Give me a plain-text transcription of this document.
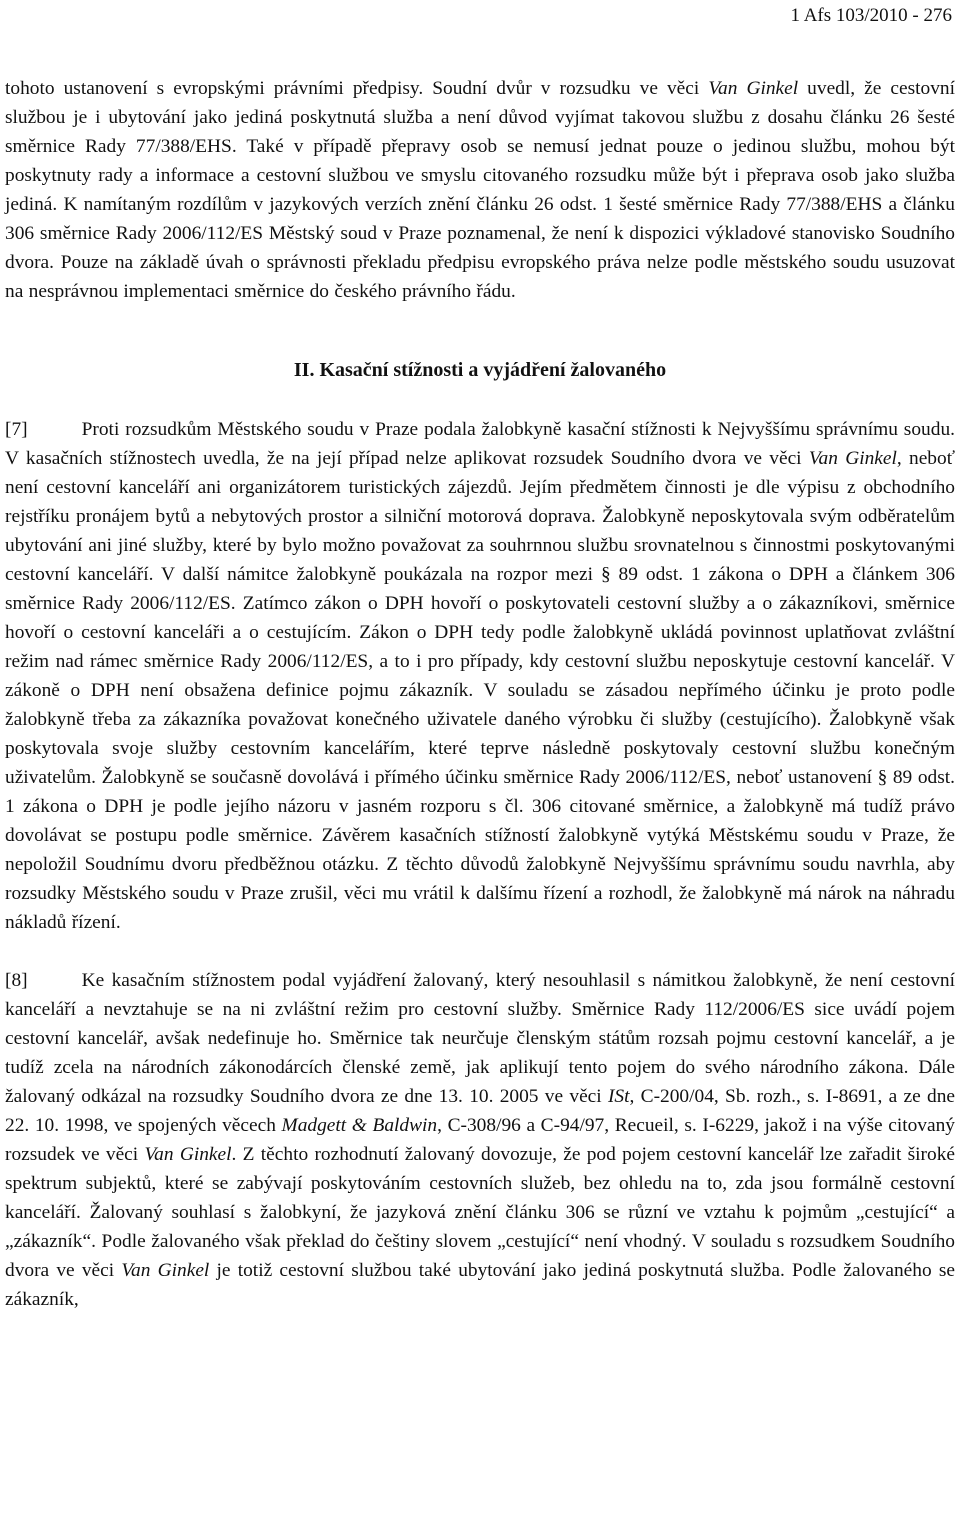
1 Afs 103/2010 - 276

tohoto ustanovení s evropskými právními předpisy. Soudní dvůr v rozsudku ve věci Van Ginkel uvedl, že cestovní službou je i ubytování jako jediná poskytnutá služba a není důvod vyjímat takovou službu z dosahu článku 26 šesté směrnice Rady 77/388/EHS. Také v případě přepravy osob se nemusí jednat pouze o jedinou službu, mohou být poskytnuty rady a informace a cestovní službou ve smyslu citovaného rozsudku může být i přeprava osob jako služba jediná. K namítaným rozdílům v jazykových verzích znění článku 26 odst. 1 šesté směrnice Rady 77/388/EHS a článku 306 směrnice Rady 2006/112/ES Městský soud v Praze poznamenal, že není k dispozici výkladové stanovisko Soudního dvora. Pouze na základě úvah o správnosti překladu předpisu evropského práva nelze podle městského soudu usuzovat na nesprávnou implementaci směrnice do českého právního řádu.

II. Kasační stížnosti a vyjádření žalovaného

[7]	Proti rozsudkům Městského soudu v Praze podala žalobkyně kasační stížnosti k Nejvyššímu správnímu soudu. V kasačních stížnostech uvedla, že na její případ nelze aplikovat rozsudek Soudního dvora ve věci Van Ginkel, neboť není cestovní kanceláří ani organizátorem turistických zájezdů. Jejím předmětem činnosti je dle výpisu z obchodního rejstříku pronájem bytů a nebytových prostor a silniční motorová doprava. Žalobkyně neposkytovala svým odběratelům ubytování ani jiné služby, které by bylo možno považovat za souhrnnou službu srovnatelnou s činnostmi poskytovanými cestovní kanceláří. V další námitce žalobkyně poukázala na rozpor mezi § 89 odst. 1 zákona o DPH a článkem 306 směrnice Rady 2006/112/ES. Zatímco zákon o DPH hovoří o poskytovateli cestovní služby a o zákazníkovi, směrnice hovoří o cestovní kanceláři a o cestujícím. Zákon o DPH tedy podle žalobkyně ukládá povinnost uplatňovat zvláštní režim nad rámec směrnice Rady 2006/112/ES, a to i pro případy, kdy cestovní službu neposkytuje cestovní kancelář. V zákoně o DPH není obsažena definice pojmu zákazník. V souladu se zásadou nepřímého účinku je proto podle žalobkyně třeba za zákazníka považovat konečného uživatele daného výrobku či služby (cestujícího). Žalobkyně však poskytovala svoje služby cestovním kancelářím, které teprve následně poskytovaly cestovní službu konečným uživatelům. Žalobkyně se současně dovolává i přímého účinku směrnice Rady 2006/112/ES, neboť ustanovení § 89 odst. 1 zákona o DPH je podle jejího názoru v jasném rozporu s čl. 306 citované směrnice, a žalobkyně má tudíž právo dovolávat se postupu podle směrnice. Závěrem kasačních stížností žalobkyně vytýká Městskému soudu v Praze, že nepoložil Soudnímu dvoru předběžnou otázku. Z těchto důvodů žalobkyně Nejvyššímu správnímu soudu navrhla, aby rozsudky Městského soudu v Praze zrušil, věci mu vrátil k dalšímu řízení a rozhodl, že žalobkyně má nárok na náhradu nákladů řízení.

[8]	Ke kasačním stížnostem podal vyjádření žalovaný, který nesouhlasil s námitkou žalobkyně, že není cestovní kanceláří a nevztahuje se na ni zvláštní režim pro cestovní služby. Směrnice Rady 112/2006/ES sice uvádí pojem cestovní kancelář, avšak nedefinuje ho. Směrnice tak neurčuje členským státům rozsah pojmu cestovní kancelář, a je tudíž zcela na národních zákonodárcích členské země, jak aplikují tento pojem do svého národního zákona. Dále žalovaný odkázal na rozsudky Soudního dvora ze dne 13. 10. 2005 ve věci ISt, C-200/04, Sb. rozh., s. I-8691, a ze dne 22. 10. 1998, ve spojených věcech Madgett & Baldwin, C-308/96 a C-94/97, Recueil, s. I-6229, jakož i na výše citovaný rozsudek ve věci Van Ginkel. Z těchto rozhodnutí žalovaný dovozuje, že pod pojem cestovní kancelář lze zařadit široké spektrum subjektů, které se zabývají poskytováním cestovních služeb, bez ohledu na to, zda jsou formálně cestovní kanceláří. Žalovaný souhlasí s žalobkyní, že jazyková znění článku 306 se různí ve vztahu k pojmům „cestující“ a „zákazník“. Podle žalovaného však překlad do češtiny slovem „cestující“ není vhodný. V souladu s rozsudkem Soudního dvora ve věci Van Ginkel je totiž cestovní službou také ubytování jako jediná poskytnutá služba. Podle žalovaného se zákazník,
